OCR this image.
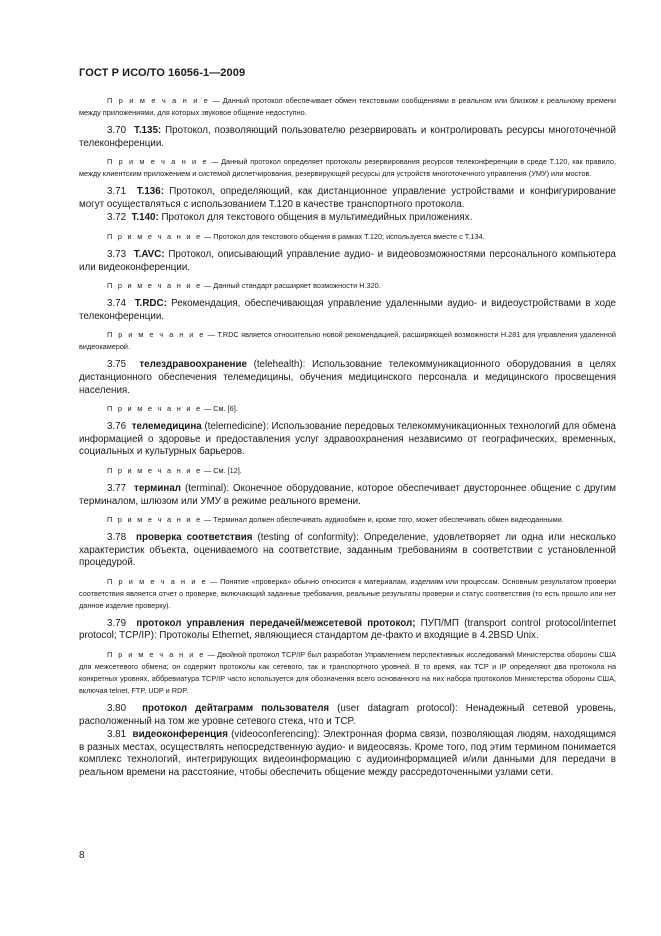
ГОСТ Р ИСО/ТО 16056-1—2009

П р и м е ч а н и е — Данный протокол обеспечивает обмен текстовыми сообщениями в реальном или близком к реальному времени между приложениями, для которых звуковое общение недоступно.

3.70 Т.135: Протокол, позволяющий пользователю резервировать и контролировать ресурсы многоточечной телеконференции.

П р и м е ч а н и е — Данный протокол определяет протоколы резервирования ресурсов телеконференции в среде Т.120, как правило, между клиентским приложением и системой диспетчирования, резервирующей ресурсы для устройств многоточечного управления (УМУ) или мостов.

3.71 Т.136: Протокол, определяющий, как дистанционное управление устройствами и конфигурирование могут осуществляться с использованием Т.120 в качестве транспортного протокола.

3.72 Т.140: Протокол для текстового общения в мультимедийных приложениях.

П р и м е ч а н и е — Протокол для текстового общения в рамках Т.120; используется вместе с Т.134.

3.73 T.AVC: Протокол, описывающий управление аудио- и видеовозможностями персонального компьютера или видеоконференции.

П р и м е ч а н и е — Данный стандарт расширяет возможности Н.320.

3.74 T.RDC: Рекомендация, обеспечивающая управление удаленными аудио- и видеоустройствами в ходе телеконференции.

П р и м е ч а н и е — T.RDC является относительно новой рекомендацией, расширяющей возможности Н.281 для управления удаленной видеокамерой.

3.75 телездравоохранение (telehealth): Использование телекоммуникационного оборудования в целях дистанционного обеспечения телемедицины, обучения медицинского персонала и медицинского просвещения населения.

П р и м е ч а н и е — См. [6].

3.76 телемедицина (telemedicine): Использование передовых телекоммуникационных технологий для обмена информацией о здоровье и предоставления услуг здравоохранения независимо от географических, временных, социальных и культурных барьеров.

П р и м е ч а н и е — См. [12].

3.77 терминал (terminal): Оконечное оборудование, которое обеспечивает двустороннее общение с другим терминалом, шлюзом или УМУ в режиме реального времени.

П р и м е ч а н и е — Терминал должен обеспечивать аудиообмен и, кроме того, может обеспечивать обмен видеоданными.

3.78 проверка соответствия (testing of conformity): Определение, удовлетворяет ли одна или несколько характеристик объекта, оцениваемого на соответствие, заданным требованиям в соответствии с установленной процедурой.

П р и м е ч а н и е — Понятие «проверка» обычно относится к материалам, изделиям или процессам. Основным результатом проверки соответствия является отчет о проверке, включающий заданные требования, реальные результаты проверки и статус соответствия (то есть прошло или нет данное изделие проверку).

3.79 протокол управления передачей/межсетевой протокол; ПУП/МП (transport control protocol/internet protocol; TCP/IP): Протоколы Ethernet, являющиеся стандартом де-факто и входящие в 4.2BSD Unix.

П р и м е ч а н и е — Двойной протокол TCP/IP был разработан Управлением перспективных исследований Министерства обороны США для межсетевого обмена; он содержит протоколы как сетевого, так и транспортного уровней. В то время, как TCP и IP определяют два протокола на конкретных уровнях, аббревиатура TCP/IP часто используется для обозначения всего основанного на них набора протоколов Министерства обороны США, включая telnet, FTP, UDP и RDP.

3.80 протокол дейтаграмм пользователя (user datagram protocol): Ненадежный сетевой уровень, расположенный на том же уровне сетевого стека, что и TCP.

3.81 видеоконференция (videoconferencing): Электронная форма связи, позволяющая людям, находящимся в разных местах, осуществлять непосредственную аудио- и видеосвязь. Кроме того, под этим термином понимается комплекс технологий, интегрирующих видеоинформацию с аудиоинформацией и/или данными для передачи в реальном времени на расстояние, чтобы обеспечить общение между рассредоточенными узлами сети.

8
